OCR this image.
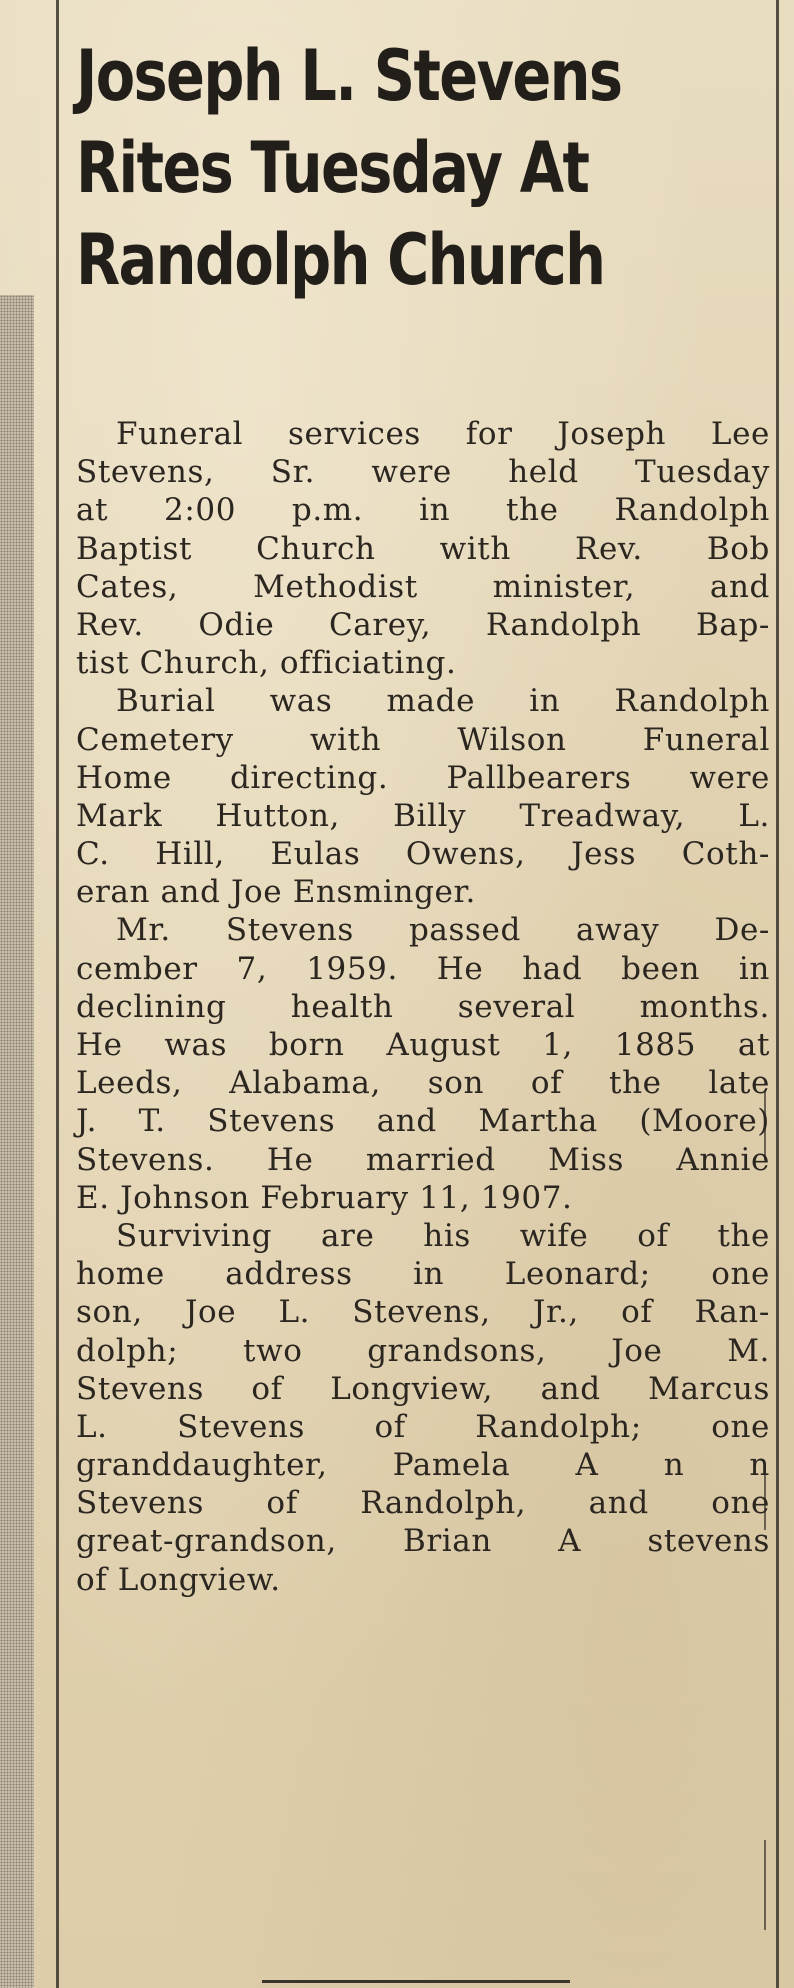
Joseph L. Stevens
Rites Tuesday At
Randolph Church
Funeral services for Joseph Lee
Stevens, Sr. were held Tuesday
at 2:00 p.m. in the Randolph
Baptist Church with Rev. Bob
Cates, Methodist minister, and
Rev. Odie Carey, Randolph Bap-
tist Church, officiating.
Burial was made in Randolph
Cemetery with Wilson Funeral
Home directing. Pallbearers were
Mark Hutton, Billy Treadway, L.
C. Hill, Eulas Owens, Jess Coth-
eran and Joe Ensminger.
Mr. Stevens passed away De-
cember 7, 1959. He had been in
declining health several months.
He was born August 1, 1885 at
Leeds, Alabama, son of the late
J. T. Stevens and Martha (Moore)
Stevens. He married Miss Annie
E. Johnson February 11, 1907.
Surviving are his wife of the
home address in Leonard; one
son, Joe L. Stevens, Jr., of Ran-
dolph; two grandsons, Joe M.
Stevens of Longview, and Marcus
L. Stevens of Randolph; one
granddaughter, Pamela A n n
Stevens of Randolph, and one
great-grandson, Brian A stevens
of Longview.
